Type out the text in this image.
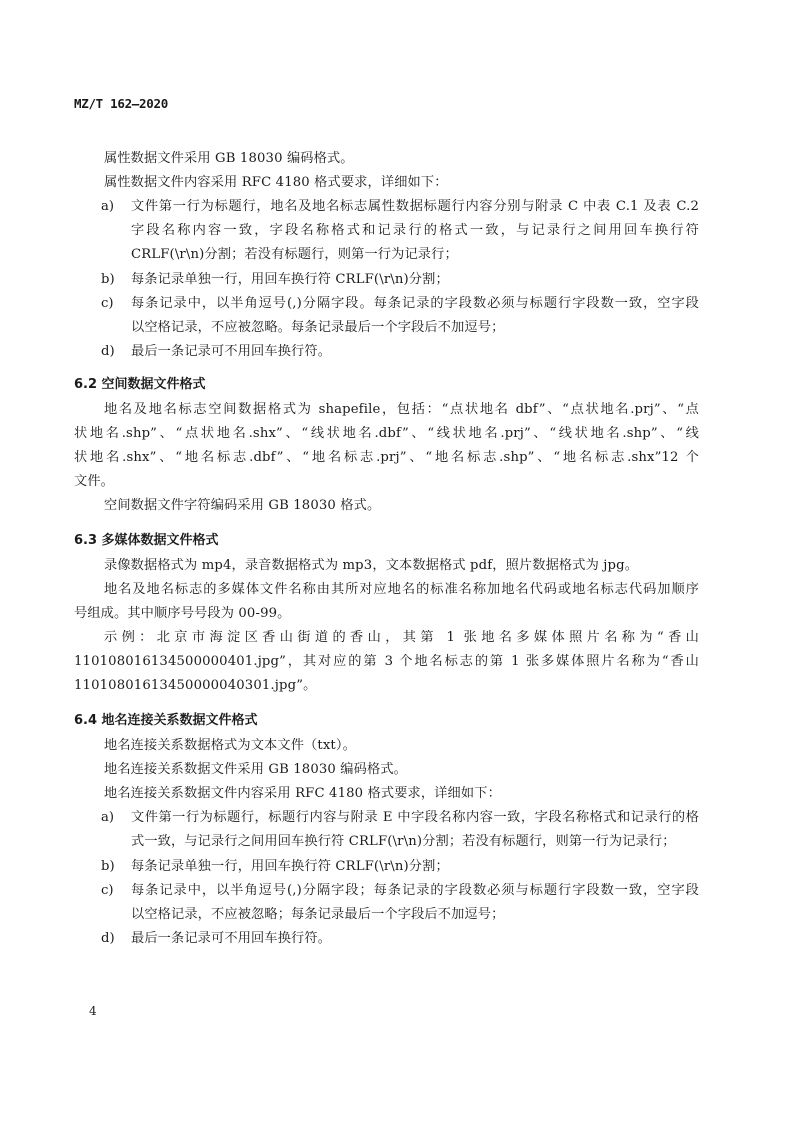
MZ/T 162—2020
属性数据文件采用 GB 18030 编码格式。
属性数据文件内容采用 RFC 4180 格式要求，详细如下：
a) 文件第一行为标题行，地名及地名标志属性数据标题行内容分别与附录 C 中表 C.1 及表 C.2
字段名称内容一致，字段名称格式和记录行的格式一致，与记录行之间用回车换行符
CRLF(\r\n)分割；若没有标题行，则第一行为记录行；
b) 每条记录单独一行，用回车换行符 CRLF(\r\n)分割；
c) 每条记录中，以半角逗号(,)分隔字段。每条记录的字段数必须与标题行字段数一致，空字段
以空格记录，不应被忽略。每条记录最后一个字段后不加逗号；
d) 最后一条记录可不用回车换行符。
6.2 空间数据文件格式
地名及地名标志空间数据格式为 shapefile，包括：“点状地名 dbf”、“点状地名.prj”、“点
状地名.shp”、“点状地名.shx”、“线状地名.dbf”、“线状地名.prj”、“线状地名.shp”、“线
状地名.shx”、“地名标志.dbf”、“地名标志.prj”、“地名标志.shp”、“地名标志.shx”12 个
文件。
空间数据文件字符编码采用 GB 18030 格式。
6.3 多媒体数据文件格式
录像数据格式为 mp4，录音数据格式为 mp3，文本数据格式 pdf，照片数据格式为 jpg。
地名及地名标志的多媒体文件名称由其所对应地名的标准名称加地名代码或地名标志代码加顺序
号组成。其中顺序号号段为 00-99。
示例：北京市海淀区香山街道的香山，其第 1 张地名多媒体照片名称为“香山
110108016134500000401.jpg”，其对应的第 3 个地名标志的第 1 张多媒体照片名称为“香山
11010801613450000040301.jpg”。
6.4 地名连接关系数据文件格式
地名连接关系数据格式为文本文件（txt）。
地名连接关系数据文件采用 GB 18030 编码格式。
地名连接关系数据文件内容采用 RFC 4180 格式要求，详细如下：
a) 文件第一行为标题行，标题行内容与附录 E 中字段名称内容一致，字段名称格式和记录行的格
式一致，与记录行之间用回车换行符 CRLF(\r\n)分割；若没有标题行，则第一行为记录行；
b) 每条记录单独一行，用回车换行符 CRLF(\r\n)分割；
c) 每条记录中，以半角逗号(,)分隔字段；每条记录的字段数必须与标题行字段数一致，空字段
以空格记录，不应被忽略；每条记录最后一个字段后不加逗号；
d) 最后一条记录可不用回车换行符。
4
